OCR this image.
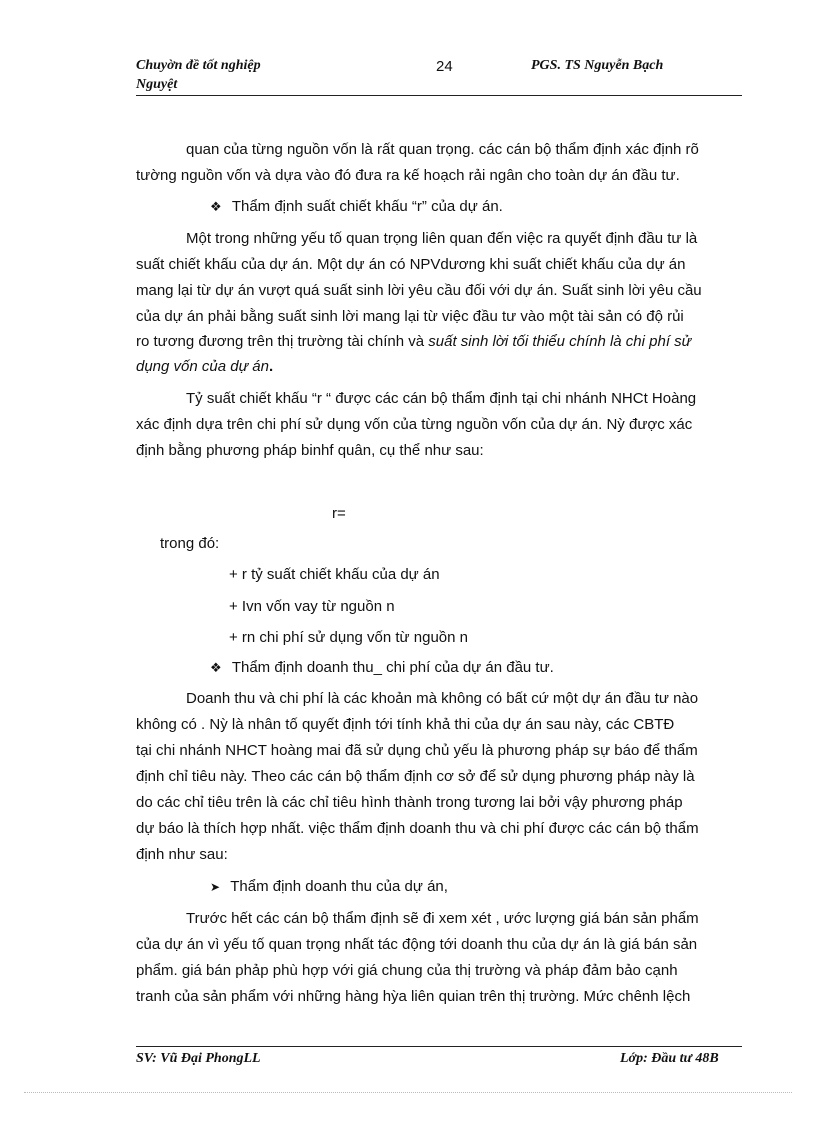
Chuyờn đề tốt nghiệp
Nguyệt
24	PGS. TS Nguyễn Bạch
quan của từng nguồn vốn là rất quan trọng. các cán bộ thẩm định xác định rõ
tường nguồn vốn và dựa vào đó đưa ra kế hoạch rải ngân cho toàn dự án đầu tư.
❖ Thẩm định suất chiết khấu “r” của dự án.
Một trong những yếu tố quan trọng liên quan đến việc ra quyết định đầu tư là
suất chiết khấu của dự án. Một dự án có NPVdương khi suất chiết khấu của dự án
mang lại từ dự án vượt quá suất sinh lời yêu cầu đối với dự án. Suất sinh lời yêu cầu
của dự án phải bằng suất sinh lời mang lại từ việc đầu tư vào một tài sản có độ rủi
ro tương đương trên thị trường tài chính và suất sinh lời tối thiểu chính là chi phí sử
dụng vốn của dự án.
Tỷ suất chiết khấu “r “ được các cán bộ thẩm định tại chi nhánh NHCt Hoàng
xác định dựa trên chi phí sử dụng vốn của từng nguồn vốn của dự án. Nỳ được xác
định bằng phương pháp binhf quân, cụ thể như sau:
r=
trong đó:
+ r tỷ suất chiết khấu của dự án
+ Ivn vốn vay từ nguồn n
+ rn chi phí sử dụng vốn từ nguồn n
❖ Thẩm định doanh thu_ chi phí của dự án đầu tư.
Doanh thu và chi phí là các khoản mà không có bất cứ một dự án đầu tư nào
không có . Nỳ là nhân tố quyết định tới tính khả thi của dự án sau này, các CBTĐ
tại chi nhánh NHCT hoàng mai đã sử dụng chủ yếu là phương pháp sự báo để thẩm
định chỉ tiêu này. Theo các cán bộ thẩm định cơ sở để sử dụng phương pháp này là
do các chỉ tiêu trên là các chỉ tiêu hình thành trong tương lai bởi vậy phương pháp
dự báo là thích hợp nhất. việc thẩm định doanh thu và chi phí được các cán bộ thẩm
định như sau:
➤ Thẩm định doanh thu của dự án,
Trước hết các cán bộ thẩm định sẽ đi xem xét , ước lượng giá bán sản phẩm
của dự án vì yếu tố quan trọng nhất tác động tới doanh thu của dự án là giá bán sản
phẩm. giá bán phảp phù hợp với giá chung của thị trường và pháp đảm bảo cạnh
tranh của sản phẩm với những hàng hỳa liên quian trên thị trường. Mức chênh lệch
SV: Vũ Đại PhongLL	Lớp: Đầu tư 48B
